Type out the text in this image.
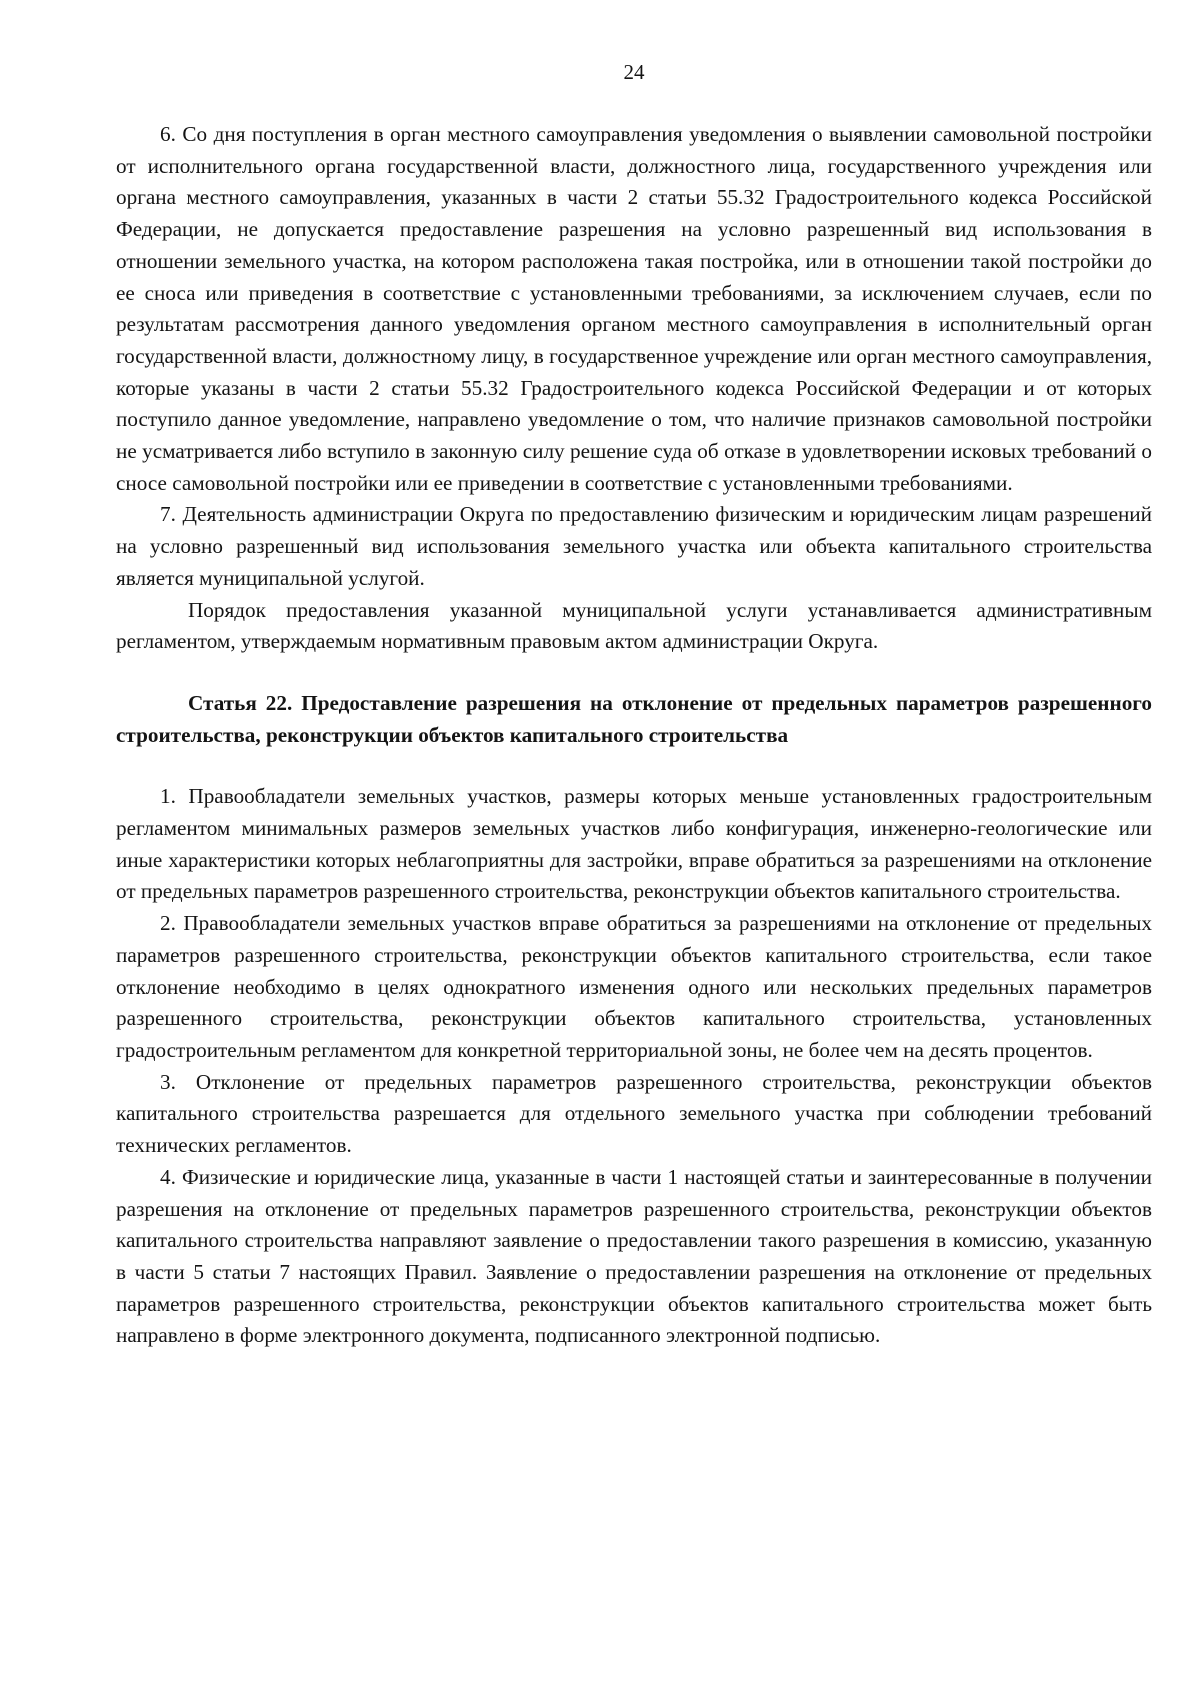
24

6. Со дня поступления в орган местного самоуправления уведомления о выявлении самовольной постройки от исполнительного органа государственной власти, должностного лица, государственного учреждения или органа местного самоуправления, указанных в части 2 статьи 55.32 Градостроительного кодекса Российской Федерации, не допускается предоставление разрешения на условно разрешенный вид использования в отношении земельного участка, на котором расположена такая постройка, или в отношении такой постройки до ее сноса или приведения в соответствие с установленными требованиями, за исключением случаев, если по результатам рассмотрения данного уведомления органом местного самоуправления в исполнительный орган государственной власти, должностному лицу, в государственное учреждение или орган местного самоуправления, которые указаны в части 2 статьи 55.32 Градостроительного кодекса Российской Федерации и от которых поступило данное уведомление, направлено уведомление о том, что наличие признаков самовольной постройки не усматривается либо вступило в законную силу решение суда об отказе в удовлетворении исковых требований о сносе самовольной постройки или ее приведении в соответствие с установленными требованиями.

7. Деятельность администрации Округа по предоставлению физическим и юридическим лицам разрешений на условно разрешенный вид использования земельного участка или объекта капитального строительства является муниципальной услугой.

Порядок предоставления указанной муниципальной услуги устанавливается административным регламентом, утверждаемым нормативным правовым актом администрации Округа.

Статья 22. Предоставление разрешения на отклонение от предельных параметров разрешенного строительства, реконструкции объектов капитального строительства

1. Правообладатели земельных участков, размеры которых меньше установленных градостроительным регламентом минимальных размеров земельных участков либо конфигурация, инженерно-геологические или иные характеристики которых неблагоприятны для застройки, вправе обратиться за разрешениями на отклонение от предельных параметров разрешенного строительства, реконструкции объектов капитального строительства.

2. Правообладатели земельных участков вправе обратиться за разрешениями на отклонение от предельных параметров разрешенного строительства, реконструкции объектов капитального строительства, если такое отклонение необходимо в целях однократного изменения одного или нескольких предельных параметров разрешенного строительства, реконструкции объектов капитального строительства, установленных градостроительным регламентом для конкретной территориальной зоны, не более чем на десять процентов.

3. Отклонение от предельных параметров разрешенного строительства, реконструкции объектов капитального строительства разрешается для отдельного земельного участка при соблюдении требований технических регламентов.

4. Физические и юридические лица, указанные в части 1 настоящей статьи и заинтересованные в получении разрешения на отклонение от предельных параметров разрешенного строительства, реконструкции объектов капитального строительства направляют заявление о предоставлении такого разрешения в комиссию, указанную в части 5 статьи 7 настоящих Правил. Заявление о предоставлении разрешения на отклонение от предельных параметров разрешенного строительства, реконструкции объектов капитального строительства может быть направлено в форме электронного документа, подписанного электронной подписью.
